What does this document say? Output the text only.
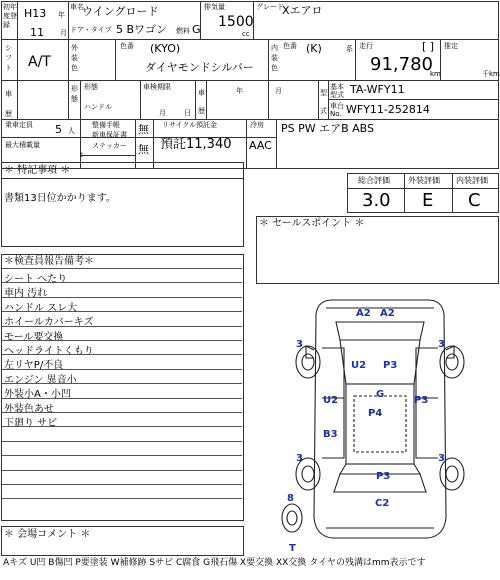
初年
度登
録
H13 年
11 月
車名
ウイングロード
ドア・タイプ 5 Bワゴン 燃料 G
排気量
1500
cc
グレード
Xエアロ
シフト A/T
外装色
色番 (KYO)
ダイヤモンドシルバー
内装色
色番 (K)	系 走行	[ ]
91,780
km
推定
千km
車歴
形態
形態
ハンドル
車検期限
月	日
車歴
年	月	型式
基本型式 TA-WFY11
車台No. WFY11-252814
乗車定員 5 人
最大積載量
t
整備手帳
新車保証書 無
ステッカー 無
リサイクル預託金
預託11,340
冷房
AAC
PS PW エアB ABS
＊ 特記事項 ＊
書類13日位かかります。
総合評価
3.0
外装評価
E
内装評価
C
＊ セールスポイント ＊
＊検査員報告備考＊
シート へたり
車内 汚れ
ハンドル スレ大
ホイールカバーキズ
モール要交換
ヘッドライトくもり
左リヤP/不良
エンジン 異音小
外装小A・小凹
外装色あせ
下廻り サビ
＊ 会場コメント ＊
Aキズ U凹 B傷凹 P要塗装 W補修跡 Sサビ C腐食 G飛石傷 X要交換 XX交換 タイヤの残溝はmm表示です
A2 A2
3	3
U2 P3
G
U2
P4
P3
B3
3	3
P3
8	C2
T
